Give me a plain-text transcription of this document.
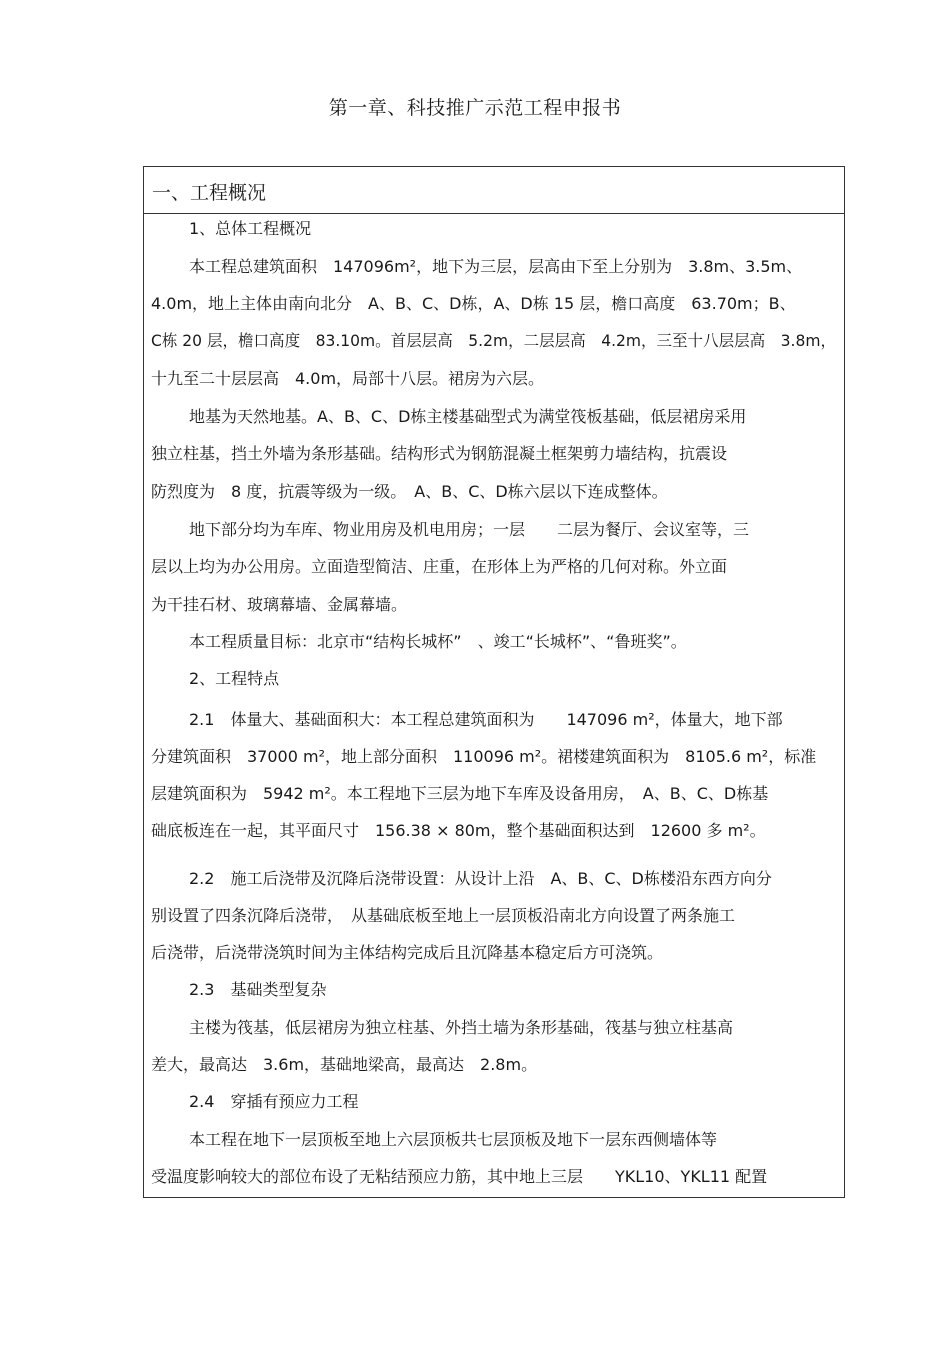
第一章、科技推广示范工程申报书
一、工程概况
1、总体工程概况
本工程总建筑面积　147096m²，地下为三层，层高由下至上分别为　3.8m、3.5m、
4.0m，地上主体由南向北分　A、B、C、D栋，A、D栋 15 层，檐口高度　63.70m；B、
C栋 20 层，檐口高度　83.10m。首层层高　5.2m，二层层高　4.2m，三至十八层层高　3.8m，
十九至二十层层高　4.0m，局部十八层。裙房为六层。
地基为天然地基。A、B、C、D栋主楼基础型式为满堂筏板基础，低层裙房采用
独立柱基，挡土外墙为条形基础。结构形式为钢筋混凝土框架剪力墙结构，抗震设
防烈度为　8 度，抗震等级为一级。　A、B、C、D栋六层以下连成整体。
地下部分均为车库、物业用房及机电用房；一层　　二层为餐厅、会议室等，三
层以上均为办公用房。立面造型简洁、庄重，在形体上为严格的几何对称。外立面
为干挂石材、玻璃幕墙、金属幕墙。
本工程质量目标：北京市“结构长城杯”　、竣工“长城杯”、“鲁班奖”。
2、工程特点
2.1　体量大、基础面积大：本工程总建筑面积为　　147096 m²，体量大，地下部
分建筑面积　37000 m²，地上部分面积　110096 m²。裙楼建筑面积为　8105.6 m²，标准
层建筑面积为　5942 m²。本工程地下三层为地下车库及设备用房，　A、B、C、D栋基
础底板连在一起，其平面尺寸　156.38 × 80m，整个基础面积达到　12600 多 m²。
2.2　施工后浇带及沉降后浇带设置：从设计上沿　A、B、C、D栋楼沿东西方向分
别设置了四条沉降后浇带，　从基础底板至地上一层顶板沿南北方向设置了两条施工
后浇带，后浇带浇筑时间为主体结构完成后且沉降基本稳定后方可浇筑。
2.3　基础类型复杂
主楼为筏基，低层裙房为独立柱基、外挡土墙为条形基础，筏基与独立柱基高
差大，最高达　3.6m，基础地梁高，最高达　2.8m。
2.4　穿插有预应力工程
本工程在地下一层顶板至地上六层顶板共七层顶板及地下一层东西侧墙体等
受温度影响较大的部位布设了无粘结预应力筋，其中地上三层　　YKL10、YKL11 配置
